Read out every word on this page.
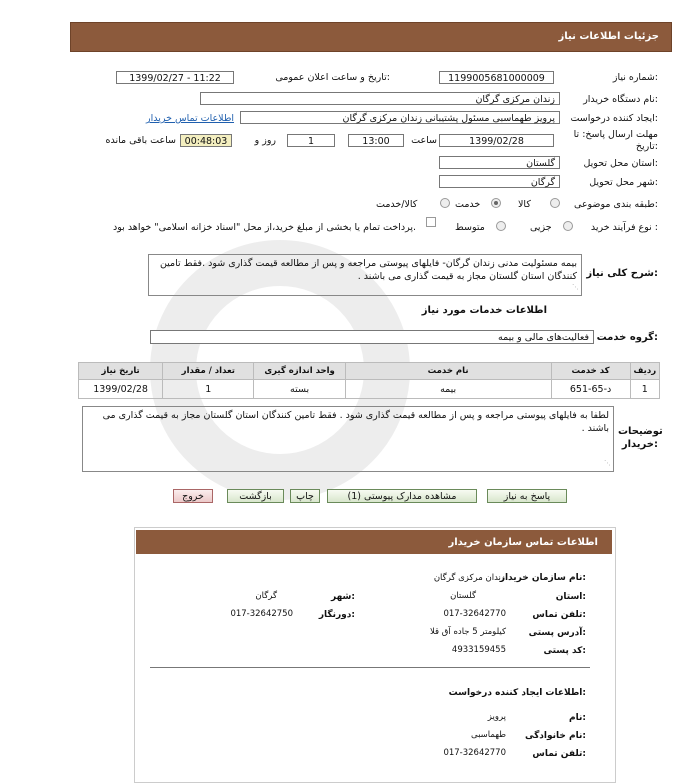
جزئیات اطلاعات نیاز
شماره نیاز:
1199005681000009
تاریخ و ساعت اعلان عمومی:
1399/02/27 - 11:22
نام دستگاه خریدار:
زندان مرکزی گرگان
ایجاد کننده درخواست:
پرویز طهماسبی مسئول پشتیبانی زندان مرکزی گرگان
اطلاعات تماس خریدار
مهلت ارسال پاسخ: تا تاریخ:
1399/02/28
ساعت
13:00
1
روز و
00:48:03
ساعت باقی مانده
استان محل تحویل:
گلستان
شهر محل تحویل:
گرگان
طبقه بندی موضوعی:
کالا
خدمت
کالا/خدمت
نوع فرآیند خرید :
جزیی
متوسط
پرداخت تمام یا بخشی از مبلغ خرید،از محل "اسناد خزانه اسلامی" خواهد بود.
شرح کلی نیاز:
بیمه مسئولیت مدنی زندان گرگان- فایلهای پیوستی مراجعه و پس از مطالعه قیمت گذاری شود .فقط تامین کنندگان استان گلستان مجاز به قیمت گذاری می باشند .
⋰
اطلاعات خدمات مورد نیاز
گروه خدمت:
فعالیت‌های مالی و بیمه
ردیف	کد خدمت	نام خدمت	واحد اندازه گیری	تعداد / مقدار	تاریخ نیاز
1	د-65-651	بیمه	بسته	1	1399/02/28
توضیحات خریدار:
لطفا به فایلهای پیوستی مراجعه و پس از مطالعه قیمت گذاری شود . فقط تامین کنندگان استان گلستان مجاز به قیمت گذاری می باشند .
⋰
پاسخ به نیاز
مشاهده مدارک پیوستی (1)
چاپ
بازگشت
خروج
اطلاعات تماس سازمان خریدار
نام سازمان خریدار:
زندان مرکزی گرگان
استان:
گلستان
شهر:
گرگان
تلفن تماس:
017-32642770
دورنگار:
017-32642750
آدرس پستی:
کیلومتر 5 جاده آق قلا
کد پستی:
4933159455
اطلاعات ایجاد کننده درخواست:
نام:
پرویز
نام خانوادگی:
طهماسبی
تلفن تماس:
017-32642770
